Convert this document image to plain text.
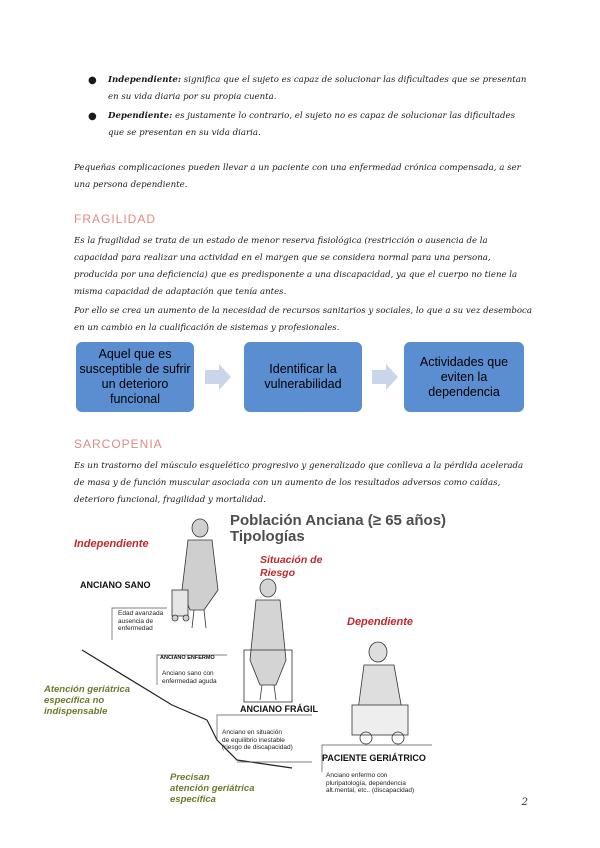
● Independiente: significa que el sujeto es capaz de solucionar las dificultades que se presentan en su vida diaria por su propia cuenta.
● Dependiente: es justamente lo contrario, el sujeto no es capaz de solucionar las dificultades que se presentan en su vida diaria.
Pequeñas complicaciones pueden llevar a un paciente con una enfermedad crónica compensada, a ser una persona dependiente.
FRAGILIDAD
Es la fragilidad se trata de un estado de menor reserva fisiológica (restricción o ausencia de la capacidad para realizar una actividad en el margen que se considera normal para una persona, producida por una deficiencia) que es predisponente a una discapacidad, ya que el cuerpo no tiene la misma capacidad de adaptación que tenía antes.
Por ello se crea un aumento de la necesidad de recursos sanitarios y sociales, lo que a su vez desemboca en un cambio en la cualificación de sistemas y profesionales.
Aquel que es susceptible de sufrir un deterioro funcional
Identificar la vulnerabilidad
Actividades que eviten la dependencia
SARCOPENIA
Es un trastorno del músculo esquelético progresivo y generalizado que conlleva a la pérdida acelerada de masa y de función muscular asociada con un aumento de los resultados adversos como caídas, deterioro funcional, fragilidad y mortalidad.
Población Anciana (≥ 65 años)
Tipologías
Independiente
Situación de
Riesgo
Dependiente
ANCIANO SANO
Edad avanzada
ausencia de
enfermedad
ANCIANO ENFERMO
Anciano sano con
enfermedad aguda
Atención geriátrica
específica no
indispensable	ANCIANO FRÁGIL
Anciano en situación
de equilibrio inestable
(riesgo de discapacidad)
PACIENTE GERIÁTRICO
Anciano enfermo con
pluripatología, dependencia
alt.mental, etc.. (discapacidad)
Precisan
atención geriátrica
específica	2
